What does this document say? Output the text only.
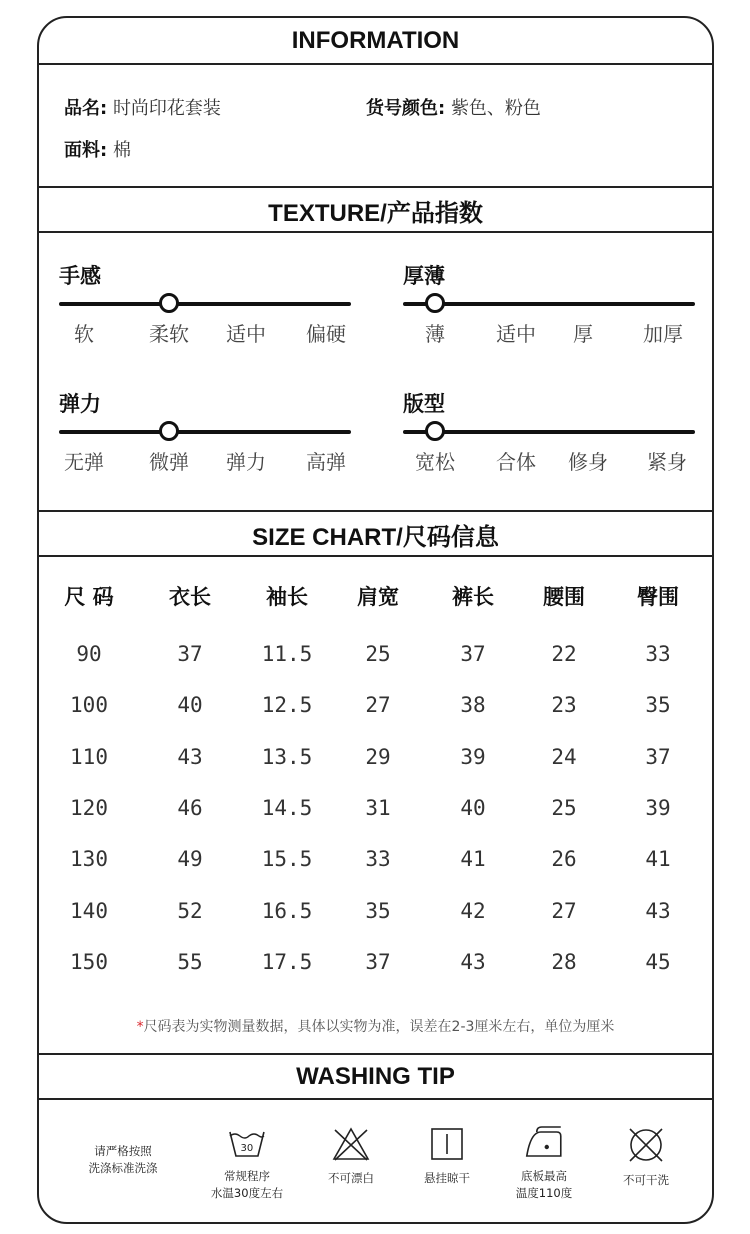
INFORMATION
品名: 时尚印花套装	货号颜色: 紫色、粉色
面料: 棉
TEXTURE/产品指数
手感
软	柔软 适中 偏硬
厚薄
薄	适中 厚	加厚
弹力
无弹 微弹 弹力 高弹
版型
宽松 合体 修身 紧身
SIZE CHART/尺码信息
尺 码	衣长	袖长 肩宽	裤长 腰围 臀围
90	37	11.5	25	37	22	33
100	40	12.5	27	38	23	35
110	43	13.5	29	39	24	37
120	46	14.5	31	40	25	39
130	49	15.5	33	41	26	41
140	52	16.5	35	42	27	43
150	55	17.5	37	43	28	45
*尺码表为实物测量数据，具体以实物为准，误差在2-3厘米左右，单位为厘米
WASHING TIP
请严格按照
洗涤标准洗涤
30
常规程序
水温30度左右
不可漂白	悬挂晾干	底板最高
温度110度
不可干洗
